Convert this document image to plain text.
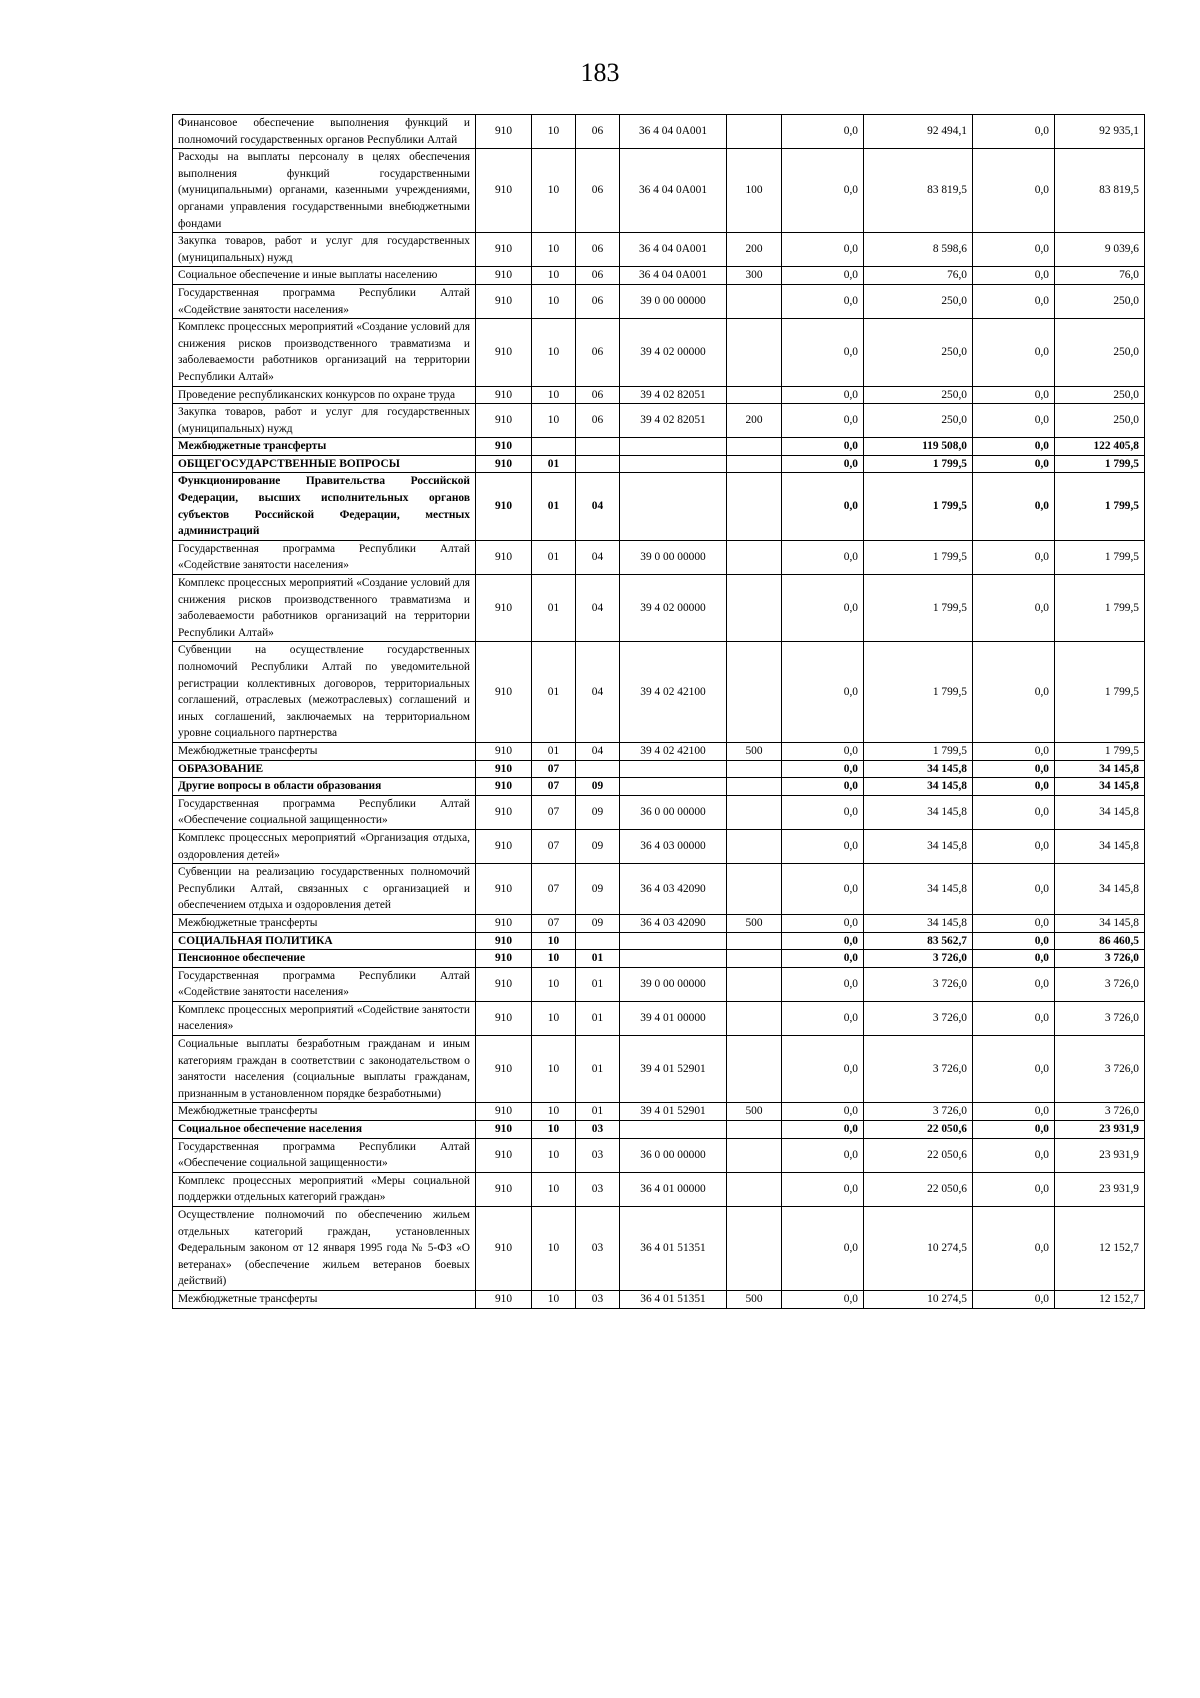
183
Финансовое обеспечение выполнения функций и полномочий государственных органов Республики Алтай	910	10	06	36 4 04 0А001		0,0	92 494,1	0,0	92 935,1
Расходы на выплаты персоналу в целях обеспечения выполнения функций государственными (муниципальными) органами, казенными учреждениями, органами управления государственными внебюджетными фондами	910	10	06	36 4 04 0А001	100	0,0	83 819,5	0,0	83 819,5
Закупка товаров, работ и услуг для государственных (муниципальных) нужд	910	10	06	36 4 04 0А001	200	0,0	8 598,6	0,0	9 039,6
Социальное обеспечение и иные выплаты населению	910	10	06	36 4 04 0А001	300	0,0	76,0	0,0	76,0
Государственная программа Республики Алтай «Содействие занятости населения»	910	10	06	39 0 00 00000		0,0	250,0	0,0	250,0
Комплекс процессных мероприятий «Создание условий для снижения рисков производственного травматизма и заболеваемости работников организаций на территории Республики Алтай»	910	10	06	39 4 02 00000		0,0	250,0	0,0	250,0
Проведение республиканских конкурсов по охране труда	910	10	06	39 4 02 82051		0,0	250,0	0,0	250,0
Закупка товаров, работ и услуг для государственных (муниципальных) нужд	910	10	06	39 4 02 82051	200	0,0	250,0	0,0	250,0
Межбюджетные трансферты	910					0,0	119 508,0	0,0	122 405,8
ОБЩЕГОСУДАРСТВЕННЫЕ ВОПРОСЫ	910	01				0,0	1 799,5	0,0	1 799,5
Функционирование Правительства Российской Федерации, высших исполнительных органов субъектов Российской Федерации, местных администраций	910	01	04			0,0	1 799,5	0,0	1 799,5
Государственная программа Республики Алтай «Содействие занятости населения»	910	01	04	39 0 00 00000		0,0	1 799,5	0,0	1 799,5
Комплекс процессных мероприятий «Создание условий для снижения рисков производственного травматизма и заболеваемости работников организаций на территории Республики Алтай»	910	01	04	39 4 02 00000		0,0	1 799,5	0,0	1 799,5
Субвенции на осуществление государственных полномочий Республики Алтай по уведомительной регистрации коллективных договоров, территориальных соглашений, отраслевых (межотраслевых) соглашений и иных соглашений, заключаемых на территориальном уровне социального партнерства	910	01	04	39 4 02 42100		0,0	1 799,5	0,0	1 799,5
Межбюджетные трансферты	910	01	04	39 4 02 42100	500	0,0	1 799,5	0,0	1 799,5
ОБРАЗОВАНИЕ	910	07				0,0	34 145,8	0,0	34 145,8
Другие вопросы в области образования	910	07	09			0,0	34 145,8	0,0	34 145,8
Государственная программа Республики Алтай «Обеспечение социальной защищенности»	910	07	09	36 0 00 00000		0,0	34 145,8	0,0	34 145,8
Комплекс процессных мероприятий «Организация отдыха, оздоровления детей»	910	07	09	36 4 03 00000		0,0	34 145,8	0,0	34 145,8
Субвенции на реализацию государственных полномочий Республики Алтай, связанных с организацией и обеспечением отдыха и оздоровления детей	910	07	09	36 4 03 42090		0,0	34 145,8	0,0	34 145,8
Межбюджетные трансферты	910	07	09	36 4 03 42090	500	0,0	34 145,8	0,0	34 145,8
СОЦИАЛЬНАЯ ПОЛИТИКА	910	10				0,0	83 562,7	0,0	86 460,5
Пенсионное обеспечение	910	10	01			0,0	3 726,0	0,0	3 726,0
Государственная программа Республики Алтай «Содействие занятости населения»	910	10	01	39 0 00 00000		0,0	3 726,0	0,0	3 726,0
Комплекс процессных мероприятий «Содействие занятости населения»	910	10	01	39 4 01 00000		0,0	3 726,0	0,0	3 726,0
Социальные выплаты безработным гражданам и иным категориям граждан в соответствии с законодательством о занятости населения (социальные выплаты гражданам, признанным в установленном порядке безработными)	910	10	01	39 4 01 52901		0,0	3 726,0	0,0	3 726,0
Межбюджетные трансферты	910	10	01	39 4 01 52901	500	0,0	3 726,0	0,0	3 726,0
Социальное обеспечение населения	910	10	03			0,0	22 050,6	0,0	23 931,9
Государственная программа Республики Алтай «Обеспечение социальной защищенности»	910	10	03	36 0 00 00000		0,0	22 050,6	0,0	23 931,9
Комплекс процессных мероприятий «Меры социальной поддержки отдельных категорий граждан»	910	10	03	36 4 01 00000		0,0	22 050,6	0,0	23 931,9
Осуществление полномочий по обеспечению жильем отдельных категорий граждан, установленных Федеральным законом от 12 января 1995 года № 5-ФЗ «О ветеранах» (обеспечение жильем ветеранов боевых действий)	910	10	03	36 4 01 51351		0,0	10 274,5	0,0	12 152,7
Межбюджетные трансферты	910	10	03	36 4 01 51351	500	0,0	10 274,5	0,0	12 152,7
